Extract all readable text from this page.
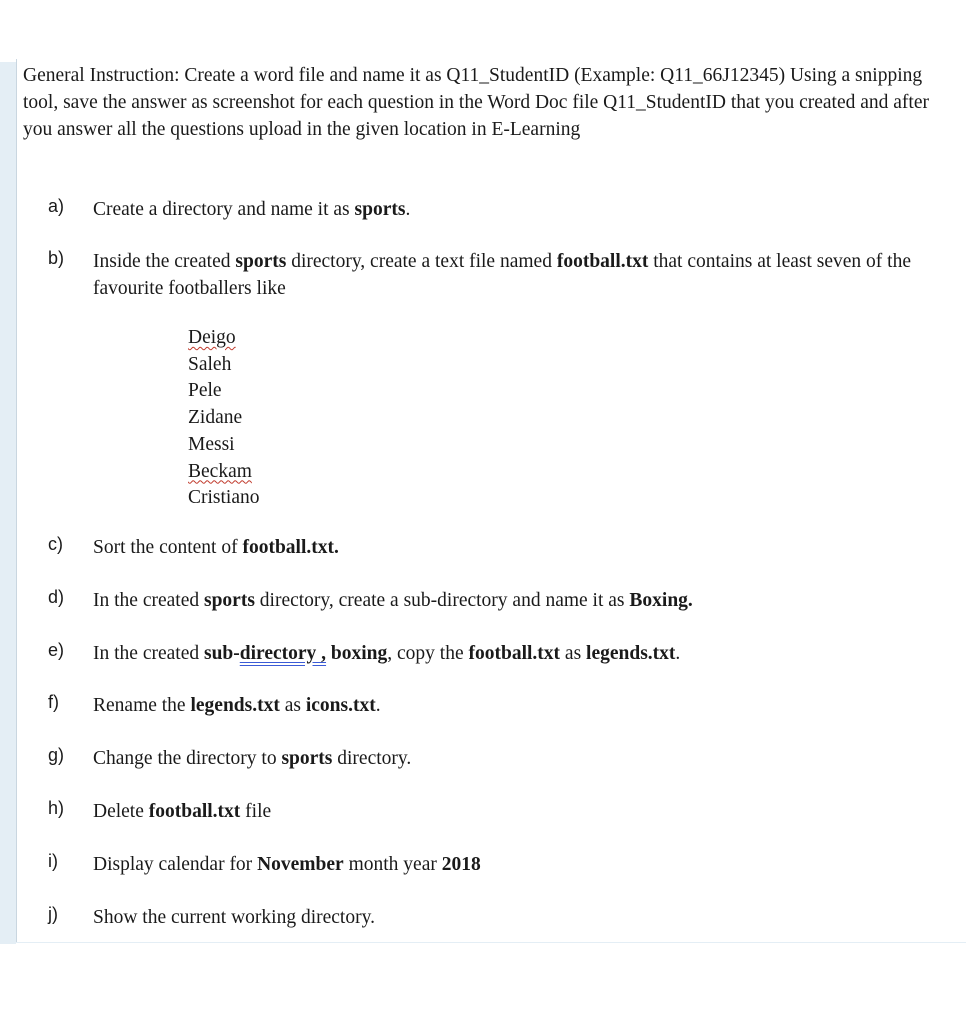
General Instruction: Create a word file and name it as Q11_StudentID (Example: Q11_66J12345) Using a snipping tool, save the answer as screenshot for each question in the Word Doc file Q11_StudentID that you created and after you answer all the questions upload in the given location in E-Learning
a) Create a directory and name it as sports.
b) Inside the created sports directory, create a text file named football.txt that contains at least seven of the favourite footballers like
Deigo
Saleh
Pele
Zidane
Messi
Beckam
Cristiano
c) Sort the content of football.txt.
d) In the created sports directory, create a sub-directory and name it as Boxing.
e) In the created sub-directory , boxing, copy the football.txt as legends.txt.
f) Rename the legends.txt as icons.txt.
g) Change the directory to sports directory.
h) Delete football.txt file
i) Display calendar for November month year 2018
j) Show the current working directory.
